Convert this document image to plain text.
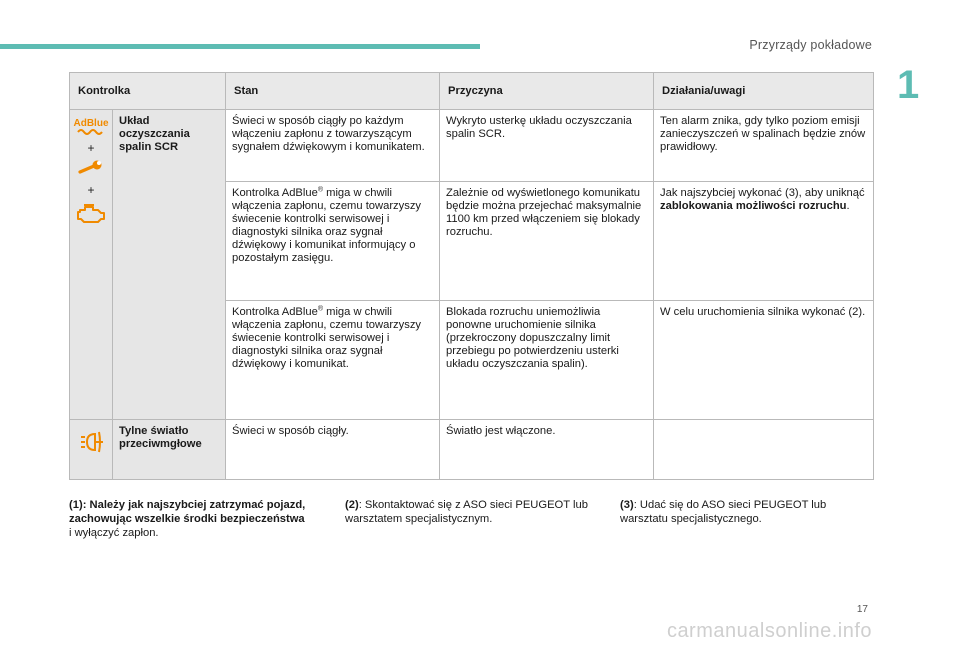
Przyrządy pokładowe
1
Kontrolka		Stan	Przyczyna	Działania/uwagi

AdBlue
+
+	Układ oczyszczania spalin SCR	Świeci w sposób ciągły po każdym włączeniu zapłonu z towarzyszącym sygnałem dźwiękowym i komunikatem.	Wykryto usterkę układu oczyszczania spalin SCR.	Ten alarm znika, gdy tylko poziom emisji zanieczyszczeń w spalinach będzie znów prawidłowy.
		Kontrolka AdBlue® miga w chwili włączenia zapłonu, czemu towarzyszy świecenie kontrolki serwisowej i diagnostyki silnika oraz sygnał dźwiękowy i komunikat informujący o pozostałym zasięgu.	Zależnie od wyświetlonego komunikatu będzie można przejechać maksymalnie 1100 km przed włączeniem się blokady rozruchu.	Jak najszybciej wykonać (3), aby uniknąć zablokowania możliwości rozruchu.
		Kontrolka AdBlue® miga w chwili włączenia zapłonu, czemu towarzyszy świecenie kontrolki serwisowej i diagnostyki silnika oraz sygnał dźwiękowy i komunikat.	Blokada rozruchu uniemożliwia ponowne uruchomienie silnika (przekroczony dopuszczalny limit przebiegu po potwierdzeniu usterki układu oczyszczania spalin).	W celu uruchomienia silnika wykonać (2).
	Tylne światło przeciwmgłowe	Świeci w sposób ciągły.	Światło jest włączone.	
(1): Należy jak najszybciej zatrzymać pojazd, zachowując wszelkie środki bezpieczeństwa i wyłączyć zapłon.
(2): Skontaktować się z ASO sieci PEUGEOT lub warsztatem specjalistycznym.
(3): Udać się do ASO sieci PEUGEOT lub warsztatu specjalistycznego.
17
carmanualsonline.info
